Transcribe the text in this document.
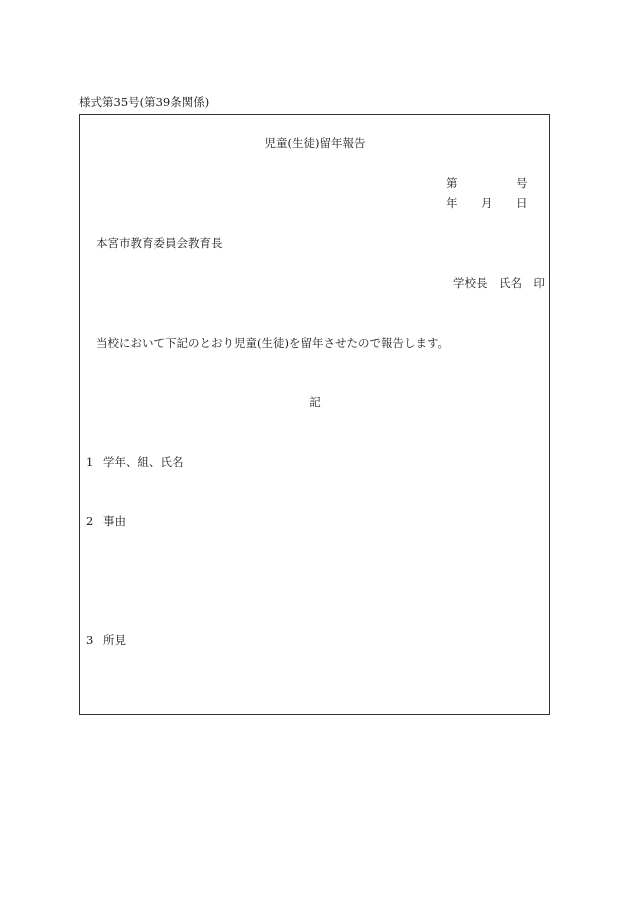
様式第35号(第39条関係)
児童(生徒)留年報告
第	号
年 月 日
本宮市教育委員会教育長
学校長　氏名　印
当校において下記のとおり児童(生徒)を留年させたので報告します。
記
1 学年、組、氏名
2 事由
3 所見
